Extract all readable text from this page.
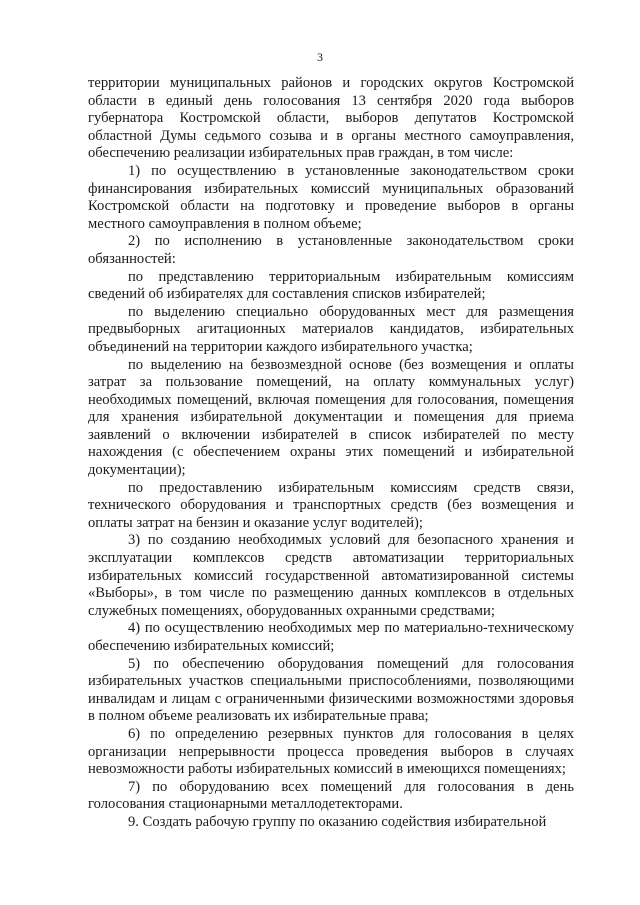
3

территории муниципальных районов и городских округов Костромской области в единый день голосования 13 сентября 2020 года выборов губернатора Костромской области, выборов депутатов Костромской областной Думы седьмого созыва и в органы местного самоуправления, обеспечению реализации избирательных прав граждан, в том числе:

1) по осуществлению в установленные законодательством сроки финансирования избирательных комиссий муниципальных образований Костромской области на подготовку и проведение выборов в органы местного самоуправления в полном объеме;

2) по исполнению в установленные законодательством сроки обязанностей:

по представлению территориальным избирательным комиссиям сведений об избирателях для составления списков избирателей;

по выделению специально оборудованных мест для размещения предвыборных агитационных материалов кандидатов, избирательных объединений на территории каждого избирательного участка;

по выделению на безвозмездной основе (без возмещения и оплаты затрат за пользование помещений, на оплату коммунальных услуг) необходимых помещений, включая помещения для голосования, помещения для хранения избирательной документации и помещения для приема заявлений о включении избирателей в список избирателей по месту нахождения (с обеспечением охраны этих помещений и избирательной документации);

по предоставлению избирательным комиссиям средств связи, технического оборудования и транспортных средств (без возмещения и оплаты затрат на бензин и оказание услуг водителей);

3) по созданию необходимых условий для безопасного хранения и эксплуатации комплексов средств автоматизации территориальных избирательных комиссий государственной автоматизированной системы «Выборы», в том числе по размещению данных комплексов в отдельных служебных помещениях, оборудованных охранными средствами;

4) по осуществлению необходимых мер по материально-техническому обеспечению избирательных комиссий;

5) по обеспечению оборудования помещений для голосования избирательных участков специальными приспособлениями, позволяющими инвалидам и лицам с ограниченными физическими возможностями здоровья в полном объеме реализовать их избирательные права;

6) по определению резервных пунктов для голосования в целях организации непрерывности процесса проведения выборов в случаях невозможности работы избирательных комиссий в имеющихся помещениях;

7) по оборудованию всех помещений для голосования в день голосования стационарными металлодетекторами.

9. Создать рабочую группу по оказанию содействия избирательной
